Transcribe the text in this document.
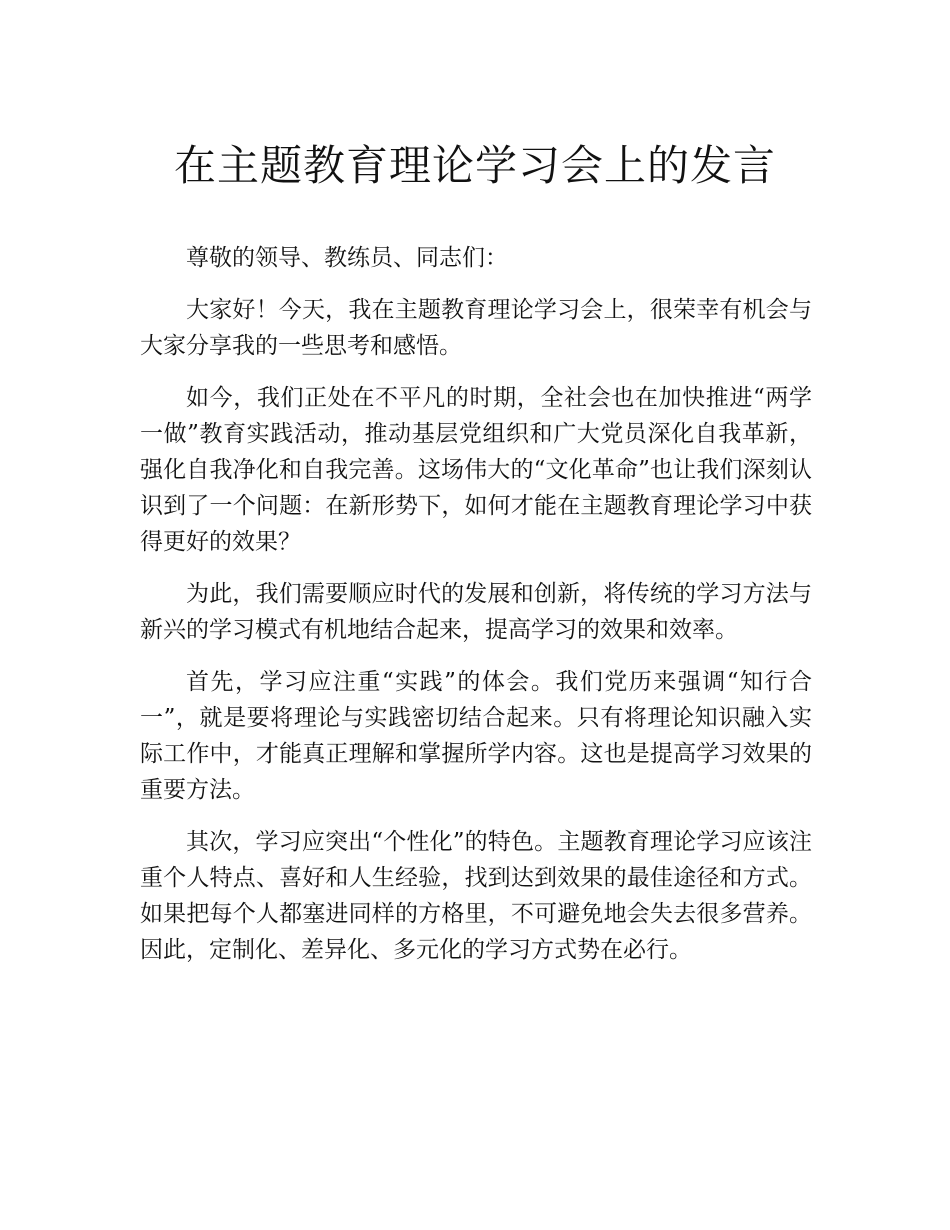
在主题教育理论学习会上的发言

尊敬的领导、教练员、同志们：

大家好！今天，我在主题教育理论学习会上，很荣幸有机会与大家分享我的一些思考和感悟。

如今，我们正处在不平凡的时期，全社会也在加快推进“两学一做”教育实践活动，推动基层党组织和广大党员深化自我革新，强化自我净化和自我完善。这场伟大的“文化革命”也让我们深刻认识到了一个问题：在新形势下，如何才能在主题教育理论学习中获得更好的效果？

为此，我们需要顺应时代的发展和创新，将传统的学习方法与新兴的学习模式有机地结合起来，提高学习的效果和效率。

首先，学习应注重“实践”的体会。我们党历来强调“知行合一”，就是要将理论与实践密切结合起来。只有将理论知识融入实际工作中，才能真正理解和掌握所学内容。这也是提高学习效果的重要方法。

其次，学习应突出“个性化”的特色。主题教育理论学习应该注重个人特点、喜好和人生经验，找到达到效果的最佳途径和方式。如果把每个人都塞进同样的方格里，不可避免地会失去很多营养。因此，定制化、差异化、多元化的学习方式势在必行。
